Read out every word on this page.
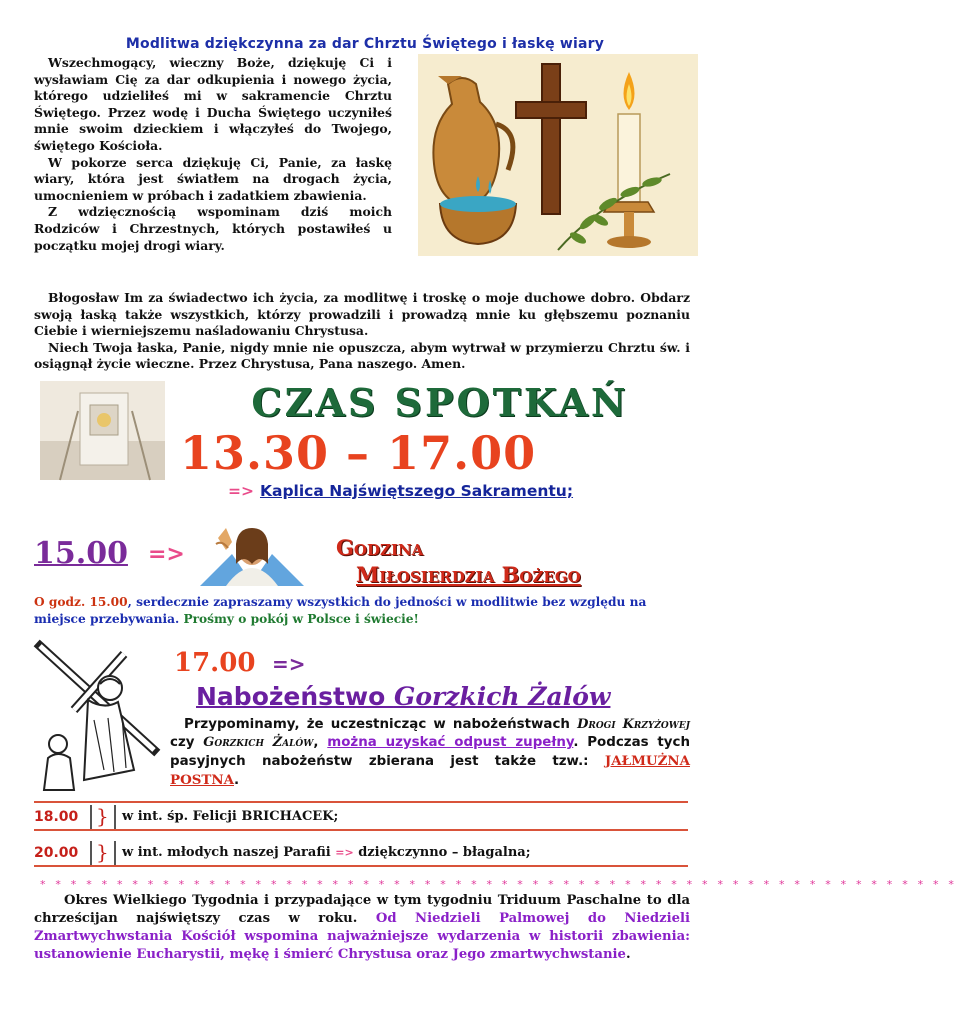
Modlitwa dziękczynna za dar Chrztu Świętego i łaskę wiary
Wszechmogący, wieczny Boże, dziękuję Ci i wysławiam Cię za dar odkupienia i nowego życia, którego udzieliłeś mi w sakramencie Chrztu Świętego. Przez wodę i Ducha Świętego uczyniłeś mnie swoim dzieckiem i włączyłeś do Twojego, świętego Kościoła.
W pokorze serca dziękuję Ci, Panie, za łaskę wiary, która jest światłem na drogach życia, umocnieniem w próbach i zadatkiem zbawienia.
Z wdzięcznością wspominam dziś moich Rodziców i Chrzestnych, których postawiłeś u początku mojej drogi wiary.
Błogosław Im za świadectwo ich życia, za modlitwę i troskę o moje duchowe dobro. Obdarz swoją łaską także wszystkich, którzy prowadzili i prowadzą mnie ku głębszemu poznaniu Ciebie i wierniejszemu naśladowaniu Chrystusa.
Niech Twoja łaska, Panie, nigdy mnie nie opuszcza, abym wytrwał w przymierzu Chrztu św. i osiągnął życie wieczne. Przez Chrystusa, Pana naszego. Amen.
CZAS SPOTKAŃ
13.30 – 17.00
=> Kaplica Najświętszego Sakramentu;
15.00 =>	Godzina
Miłosierdzia Bożego
O godz. 15.00, serdecznie zapraszamy wszystkich do jedności w modlitwie bez względu na miejsce przebywania. Prośmy o pokój w Polsce i świecie!
17.00 =>
Nabożeństwo Gorzkich Żalów
Przypominamy, że uczestnicząc w nabożeństwach Drogi Krzyżowej czy Gorzkich Żalów, można uzyskać odpust zupełny. Podczas tych pasyjnych nabożeństw zbierana jest także tzw.: JAŁMUŻNA POSTNA.
18.00 } w int. śp. Felicji BRICHACEK;
20.00 } w int. młodych naszej Parafii => dziękczynno – błagalna;
* * * * * * * * * * * * * * * * * * * * * * * * * * * * * * * * * * * * * * * * * * * * * * * * * * * * * * * * * * * *
Okres Wielkiego Tygodnia i przypadające w tym tygodniu Triduum Paschalne to dla chrześcijan najświętszy czas w roku. Od Niedzieli Palmowej do Niedzieli Zmartwychwstania Kościół wspomina najważniejsze wydarzenia w historii zbawienia: ustanowienie Eucharystii, mękę i śmierć Chrystusa oraz Jego zmartwychwstanie.
